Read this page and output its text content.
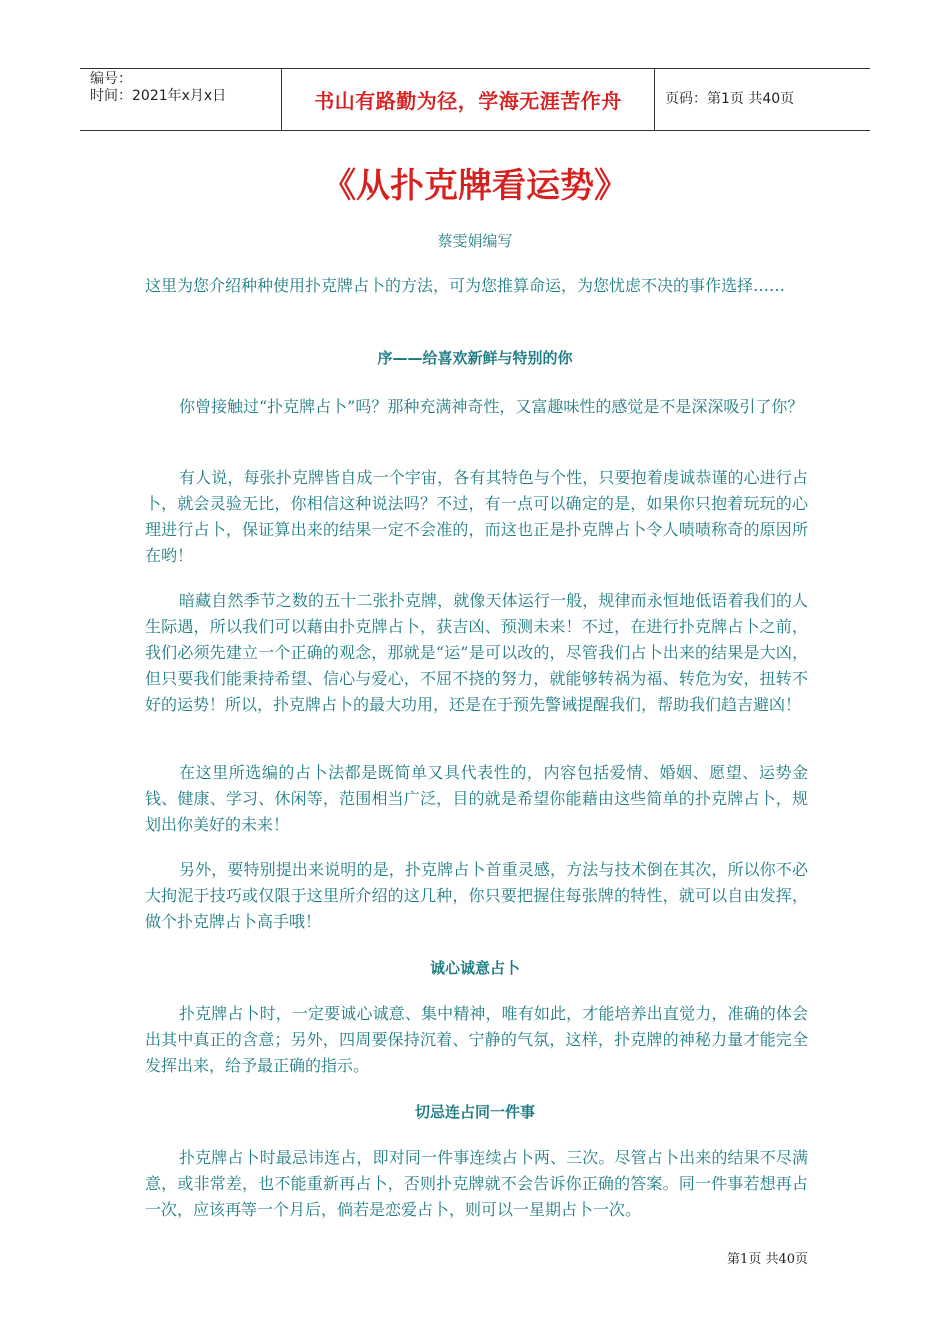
编号：
时间：2021年x月x日	书山有路勤为径，学海无涯苦作舟	页码：第1页 共40页
《从扑克牌看运势》
蔡雯娟编写

这里为您介绍种种使用扑克牌占卜的方法，可为您推算命运，为您忧虑不决的事作选择……

序——给喜欢新鲜与特别的你

你曾接触过“扑克牌占卜”吗？那种充满神奇性，又富趣味性的感觉是不是深深吸引了你？

有人说，每张扑克牌皆自成一个宇宙，各有其特色与个性，只要抱着虔诚恭谨的心进行占卜，就会灵验无比，你相信这种说法吗？不过，有一点可以确定的是，如果你只抱着玩玩的心理进行占卜，保证算出来的结果一定不会准的，而这也正是扑克牌占卜令人啧啧称奇的原因所在哟！

暗藏自然季节之数的五十二张扑克牌，就像天体运行一般，规律而永恒地低语着我们的人生际遇，所以我们可以藉由扑克牌占卜，获吉凶、预测未来！不过，在进行扑克牌占卜之前，我们必须先建立一个正确的观念，那就是“运”是可以改的，尽管我们占卜出来的结果是大凶，但只要我们能秉持希望、信心与爱心，不屈不挠的努力，就能够转祸为福、转危为安，扭转不好的运势！所以，扑克牌占卜的最大功用，还是在于预先警诫提醒我们，帮助我们趋吉避凶！

在这里所选编的占卜法都是既简单又具代表性的，内容包括爱情、婚姻、愿望、运势金钱、健康、学习、休闲等，范围相当广泛，目的就是希望你能藉由这些简单的扑克牌占卜，规划出你美好的未来！

另外，要特别提出来说明的是，扑克牌占卜首重灵感，方法与技术倒在其次，所以你不必大拘泥于技巧或仅限于这里所介绍的这几种，你只要把握住每张牌的特性，就可以自由发挥，做个扑克牌占卜高手哦！

诚心诚意占卜

扑克牌占卜时，一定要诚心诚意、集中精神，唯有如此，才能培养出直觉力，准确的体会出其中真正的含意；另外，四周要保持沉着、宁静的气氛，这样，扑克牌的神秘力量才能完全发挥出来，给予最正确的指示。

切忌连占同一件事

扑克牌占卜时最忌讳连占，即对同一件事连续占卜两、三次。尽管占卜出来的结果不尽满意，或非常差，也不能重新再占卜，否则扑克牌就不会告诉你正确的答案。同一件事若想再占一次，应该再等一个月后，倘若是恋爱占卜，则可以一星期占卜一次。

第1页 共40页
